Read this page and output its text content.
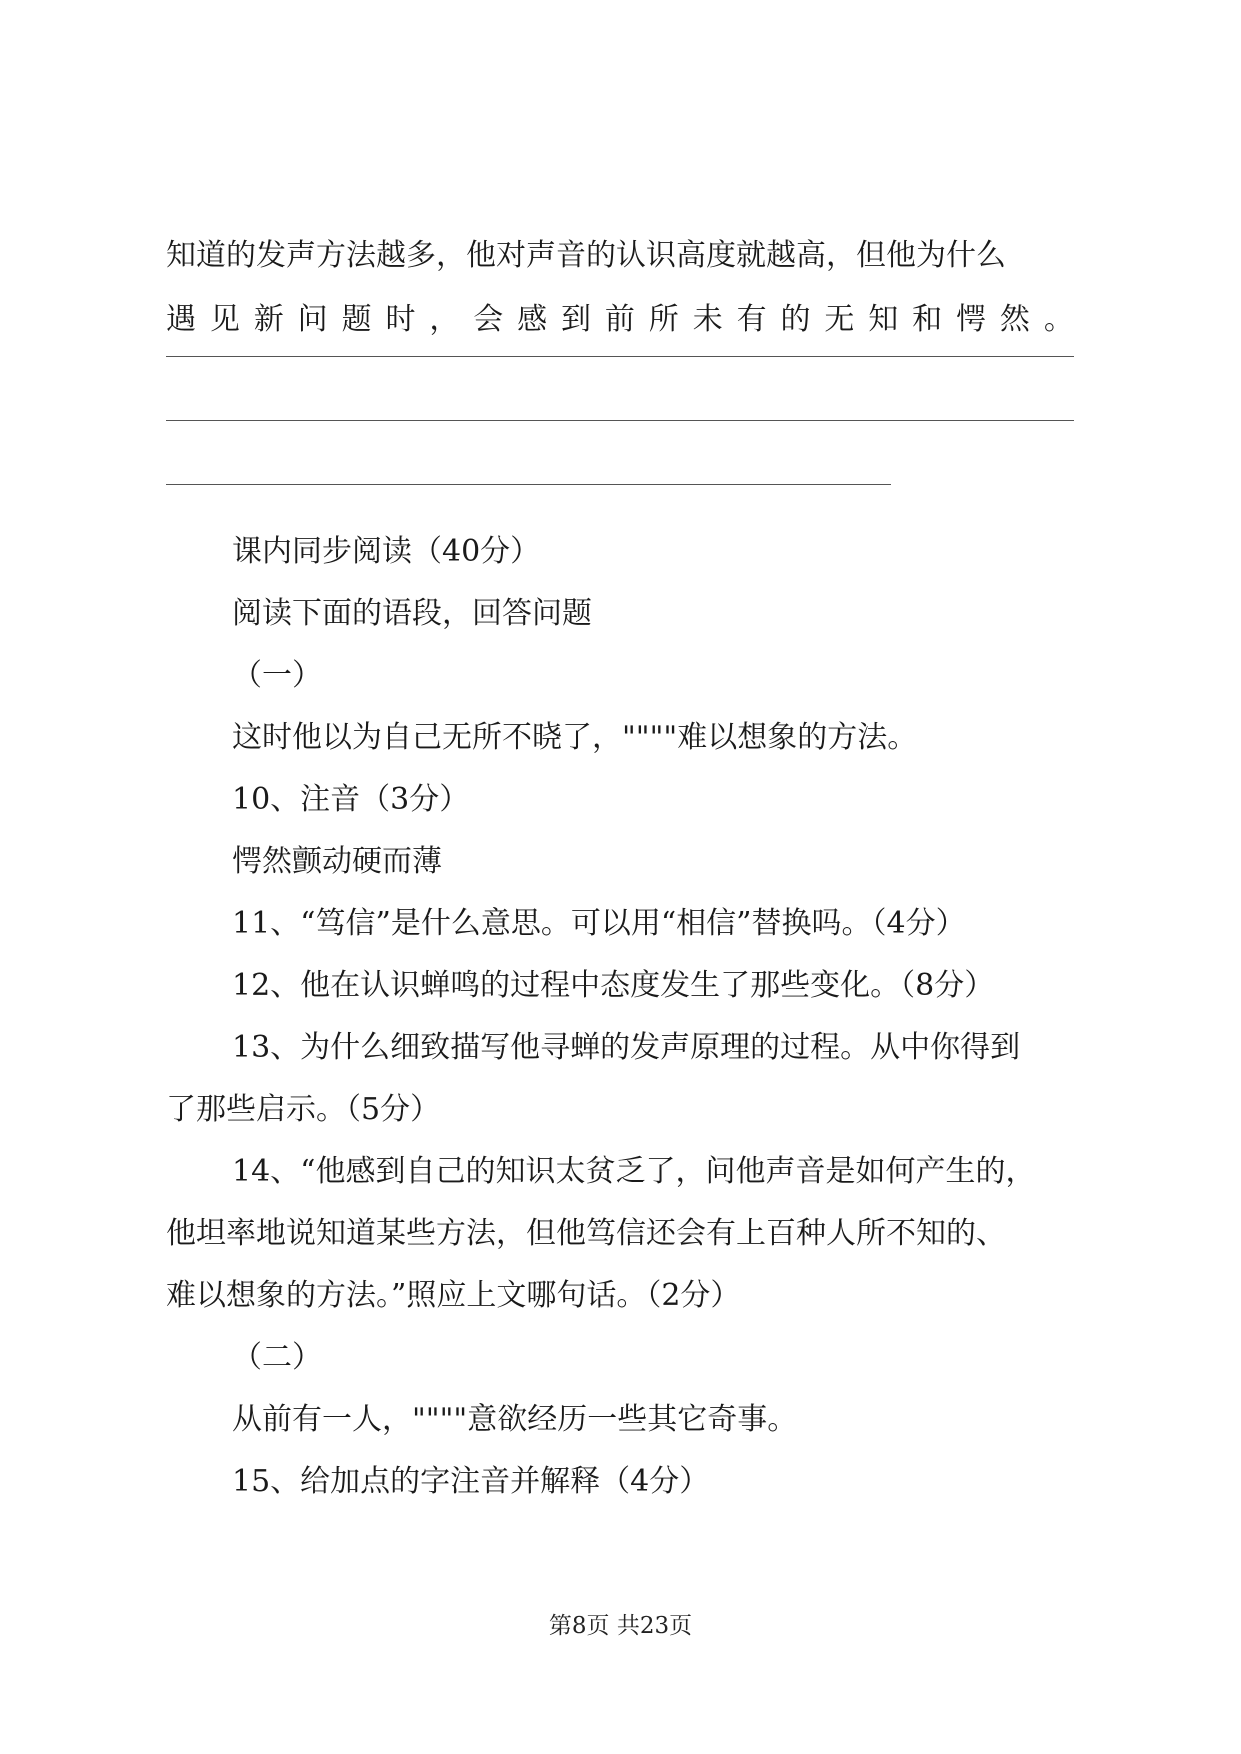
知道的发声方法越多，他对声音的认识高度就越高，但他为什么
遇 见 新 问 题 时 ， 会 感 到 前 所 未 有 的 无 知 和 愕 然 。
课内同步阅读（40分）
阅读下面的语段，回答问题
（一）
这时他以为自己无所不晓了，""""难以想象的方法。
10、注音（3分）
愕然颤动硬而薄
11、“笃信”是什么意思。可以用“相信”替换吗。（4分）
12、他在认识蝉鸣的过程中态度发生了那些变化。（8分）
13、为什么细致描写他寻蝉的发声原理的过程。从中你得到
了那些启示。（5分）
14、“他感到自己的知识太贫乏了，问他声音是如何产生的，
他坦率地说知道某些方法，但他笃信还会有上百种人所不知的、
难以想象的方法。”照应上文哪句话。（2分）
（二）
从前有一人，""""意欲经历一些其它奇事。
15、给加点的字注音并解释（4分）
第8页 共23页
